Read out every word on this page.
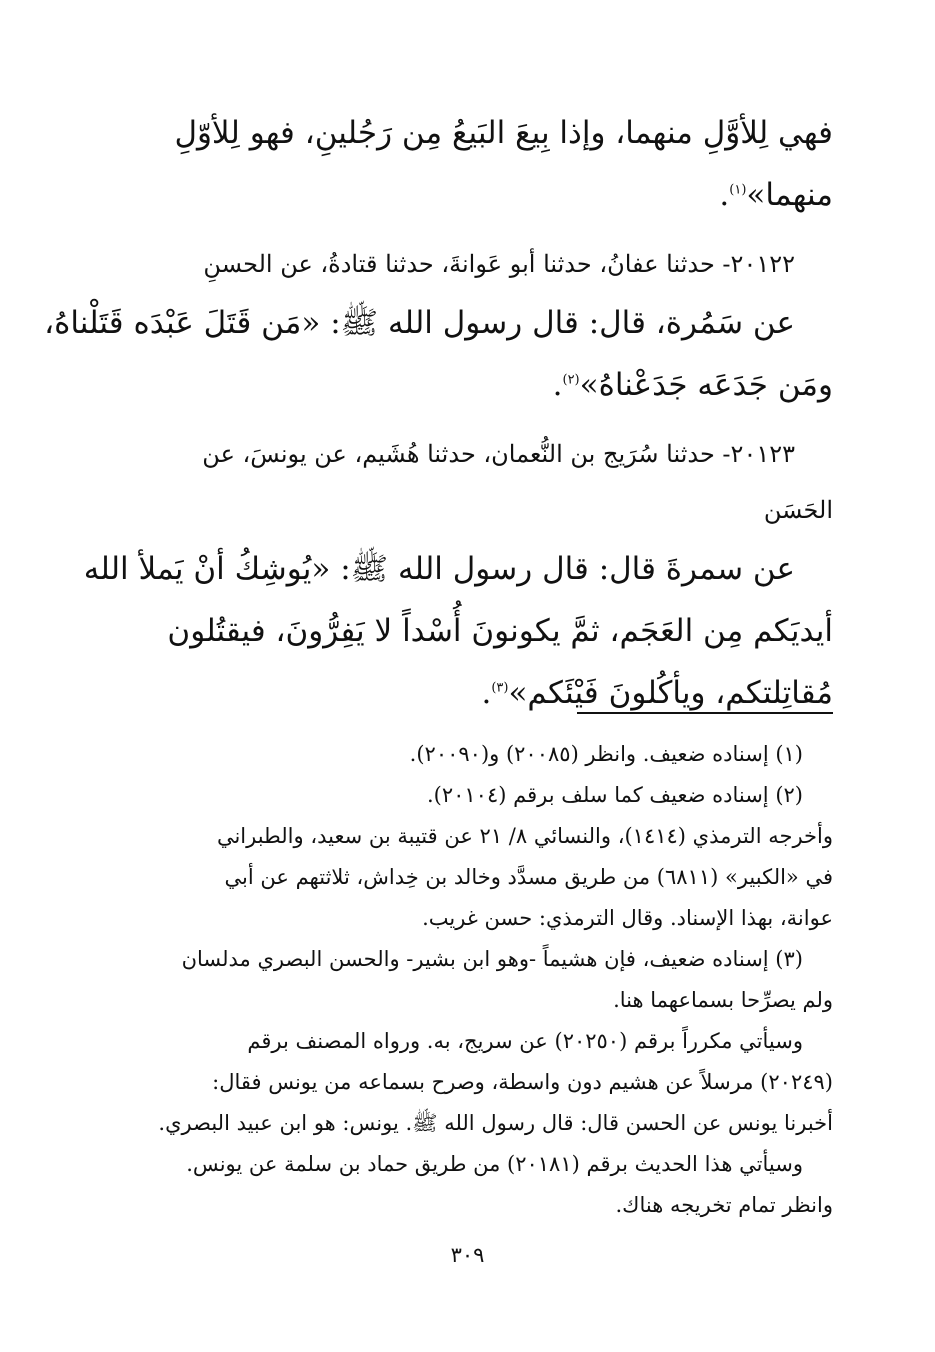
فهي لِلأوَّلِ منهما، وإذا بِيعَ البَيعُ مِن رَجُلينِ، فهو لِلأوّلِ
منهما»$^{(١)}$.
٢٠١٢٢- حدثنا عفانُ، حدثنا أبو عَوانةَ، حدثنا قتادةُ، عن الحسنِ
عن سَمُرة، قال: قال رسول الله ﷺ: «مَن قَتَلَ عَبْدَه قَتَلْناهُ،
ومَن جَدَعَه جَدَعْناهُ»$^{(٢)}$.
٢٠١٢٣- حدثنا سُرَيج بن النُّعمان، حدثنا هُشَيم، عن يونسَ، عن
الحَسَن
عن سمرةَ قال: قال رسول الله ﷺ: «يُوشِكُ أنْ يَملأ الله
أيديَكم مِن العَجَم، ثمَّ يكونونَ أُسْداً لا يَفِرُّونَ، فيقتُلون
مُقاتِلتكم، ويأكُلونَ فَيْئَكم»$^{(٣)}$.
(١) إسناده ضعيف. وانظر (٢٠٠٨٥) و(٢٠٠٩٠).
(٢) إسناده ضعيف كما سلف برقم (٢٠١٠٤).
وأخرجه الترمذي (١٤١٤)، والنسائي ٨/ ٢١ عن قتيبة بن سعيد، والطبراني
في «الكبير» (٦٨١١) من طريق مسدَّد وخالد بن خِداش، ثلاثتهم عن أبي
عوانة، بهذا الإسناد. وقال الترمذي: حسن غريب.
(٣) إسناده ضعيف، فإن هشيماً -وهو ابن بشير- والحسن البصري مدلسان
ولم يصرِّحا بسماعهما هنا.
وسيأتي مكرراً برقم (٢٠٢٥٠) عن سريج، به. ورواه المصنف برقم
(٢٠٢٤٩) مرسلاً عن هشيم دون واسطة، وصرح بسماعه من يونس فقال:
أخبرنا يونس عن الحسن قال: قال رسول الله ﷺ. يونس: هو ابن عبيد البصري.
وسيأتي هذا الحديث برقم (٢٠١٨١) من طريق حماد بن سلمة عن يونس.
وانظر تمام تخريجه هناك.
٣٠٩
